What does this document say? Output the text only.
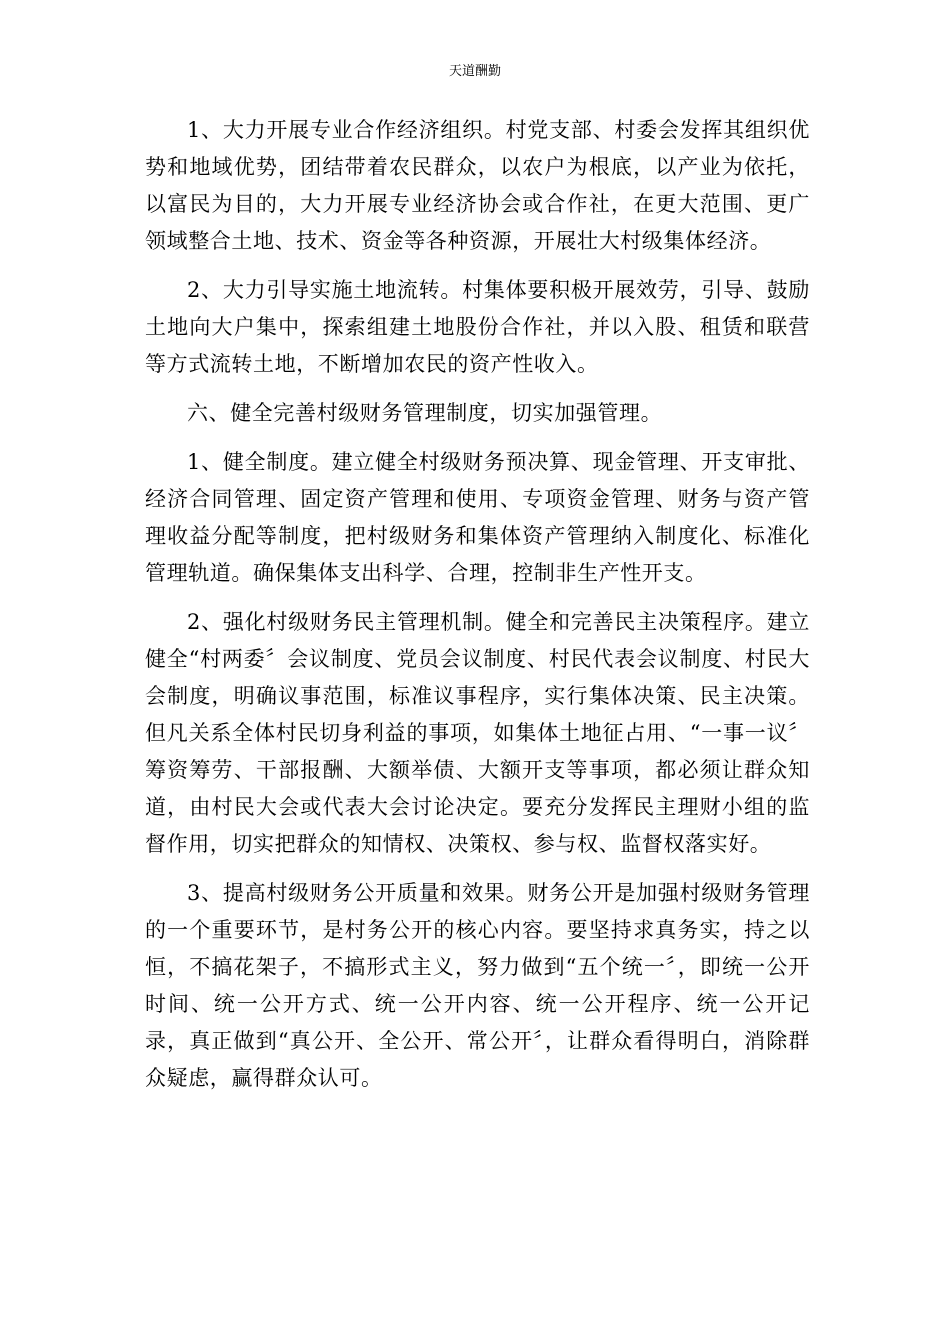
天道酬勤

1、大力开展专业合作经济组织。村党支部、村委会发挥其组织优势和地域优势，团结带着农民群众，以农户为根底，以产业为依托，以富民为目的，大力开展专业经济协会或合作社，在更大范围、更广领域整合土地、技术、资金等各种资源，开展壮大村级集体经济。

2、大力引导实施土地流转。村集体要积极开展效劳，引导、鼓励土地向大户集中，探索组建土地股份合作社，并以入股、租赁和联营等方式流转土地，不断增加农民的资产性收入。

六、健全完善村级财务管理制度，切实加强管理。

1、健全制度。建立健全村级财务预决算、现金管理、开支审批、经济合同管理、固定资产管理和使用、专项资金管理、财务与资产管理收益分配等制度，把村级财务和集体资产管理纳入制度化、标准化管理轨道。确保集体支出科学、合理，控制非生产性开支。

2、强化村级财务民主管理机制。健全和完善民主决策程序。建立健全“村两委〞会议制度、党员会议制度、村民代表会议制度、村民大会制度，明确议事范围，标准议事程序，实行集体决策、民主决策。但凡关系全体村民切身利益的事项，如集体土地征占用、“一事一议〞筹资筹劳、干部报酬、大额举债、大额开支等事项，都必须让群众知道，由村民大会或代表大会讨论决定。要充分发挥民主理财小组的监督作用，切实把群众的知情权、决策权、参与权、监督权落实好。

3、提高村级财务公开质量和效果。财务公开是加强村级财务管理的一个重要环节，是村务公开的核心内容。要坚持求真务实，持之以恒，不搞花架子，不搞形式主义，努力做到“五个统一〞，即统一公开时间、统一公开方式、统一公开内容、统一公开程序、统一公开记录，真正做到“真公开、全公开、常公开〞，让群众看得明白，消除群众疑虑，赢得群众认可。
